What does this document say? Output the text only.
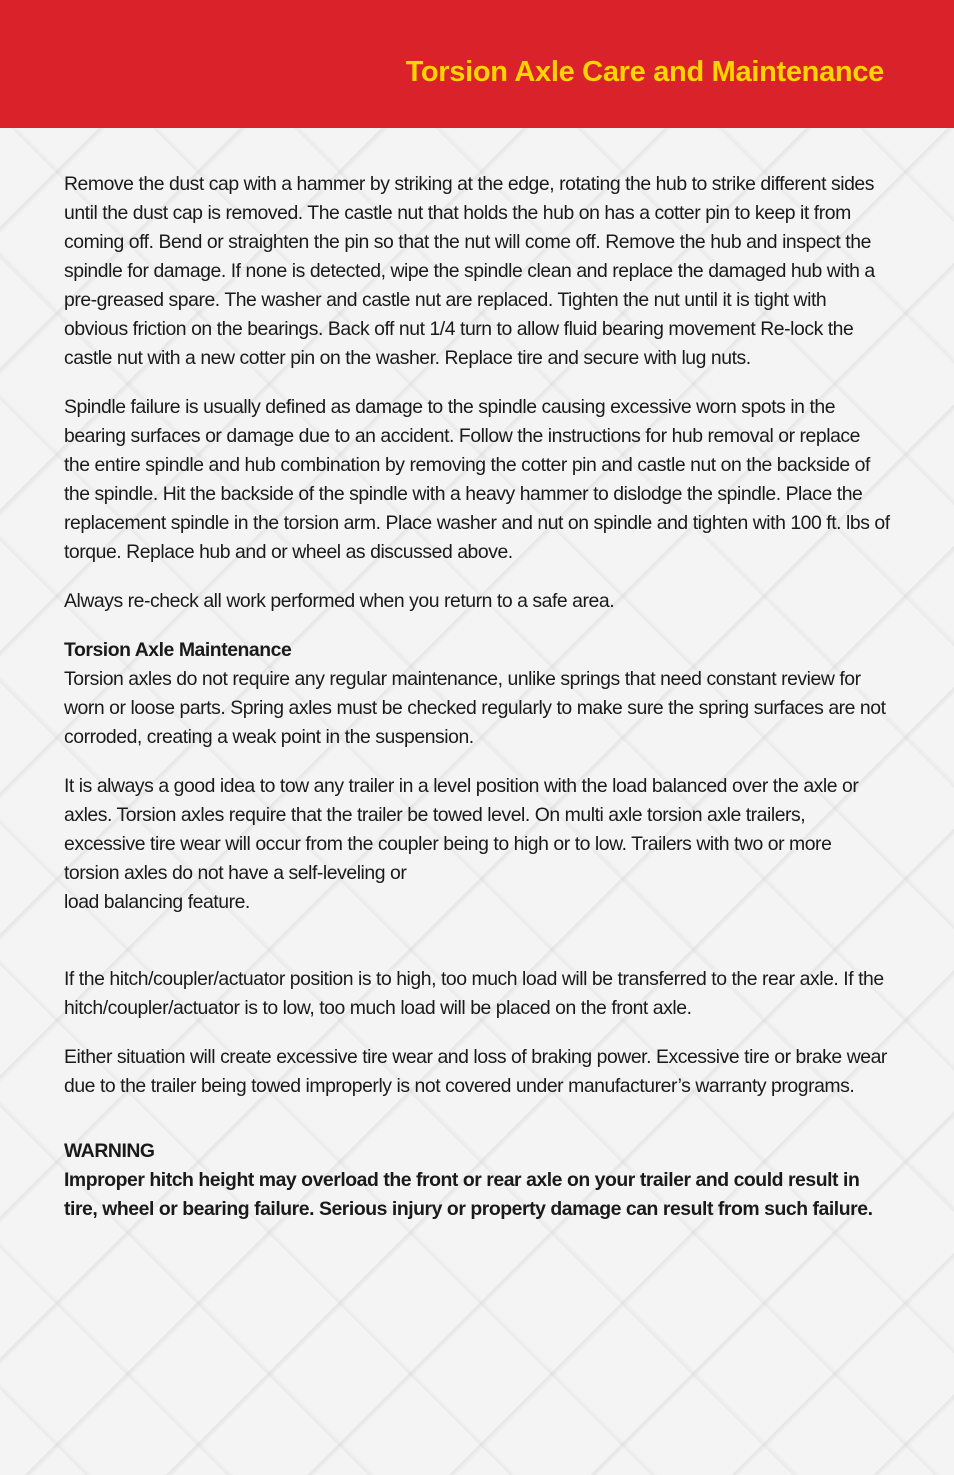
Torsion Axle Care and Maintenance

Remove the dust cap with a hammer by striking at the edge, rotating the hub to strike different sides until the dust cap is removed. The castle nut that holds the hub on has a cotter pin to keep it from coming off. Bend or straighten the pin so that the nut will come off. Remove the hub and inspect the spindle for damage. If none is detected, wipe the spindle clean and replace the damaged hub with a pre-greased spare. The washer and castle nut are replaced. Tighten the nut until it is tight with obvious friction on the bearings. Back off nut 1/4 turn to allow fluid bearing movement Re-lock the castle nut with a new cotter pin on the washer. Replace tire and secure with lug nuts.

Spindle failure is usually defined as damage to the spindle causing excessive worn spots in the bearing surfaces or damage due to an accident. Follow the instructions for hub removal or replace the entire spindle and hub combination by removing the cotter pin and castle nut on the backside of the spindle. Hit the backside of the spindle with a heavy hammer to dislodge the spindle. Place the replacement spindle in the torsion arm. Place washer and nut on spindle and tighten with 100 ft. lbs of torque. Replace hub and or wheel as discussed above.

Always re-check all work performed when you return to a safe area.

Torsion Axle Maintenance
Torsion axles do not require any regular maintenance, unlike springs that need constant review for worn or loose parts. Spring axles must be checked regularly to make sure the spring surfaces are not corroded, creating a weak point in the suspension.

It is always a good idea to tow any trailer in a level position with the load balanced over the axle or axles. Torsion axles require that the trailer be towed level. On multi axle torsion axle trailers, excessive tire wear will occur from the coupler being to high or to low. Trailers with two or more torsion axles do not have a self-leveling or
load balancing feature.

If the hitch/coupler/actuator position is to high, too much load will be transferred to the rear axle. If the hitch/coupler/actuator is to low, too much load will be placed on the front axle.

Either situation will create excessive tire wear and loss of braking power. Excessive tire or brake wear due to the trailer being towed improperly is not covered under manufacturer’s warranty programs.

WARNING
Improper hitch height may overload the front or rear axle on your trailer and could result in tire, wheel or bearing failure. Serious injury or property damage can result from such failure.
